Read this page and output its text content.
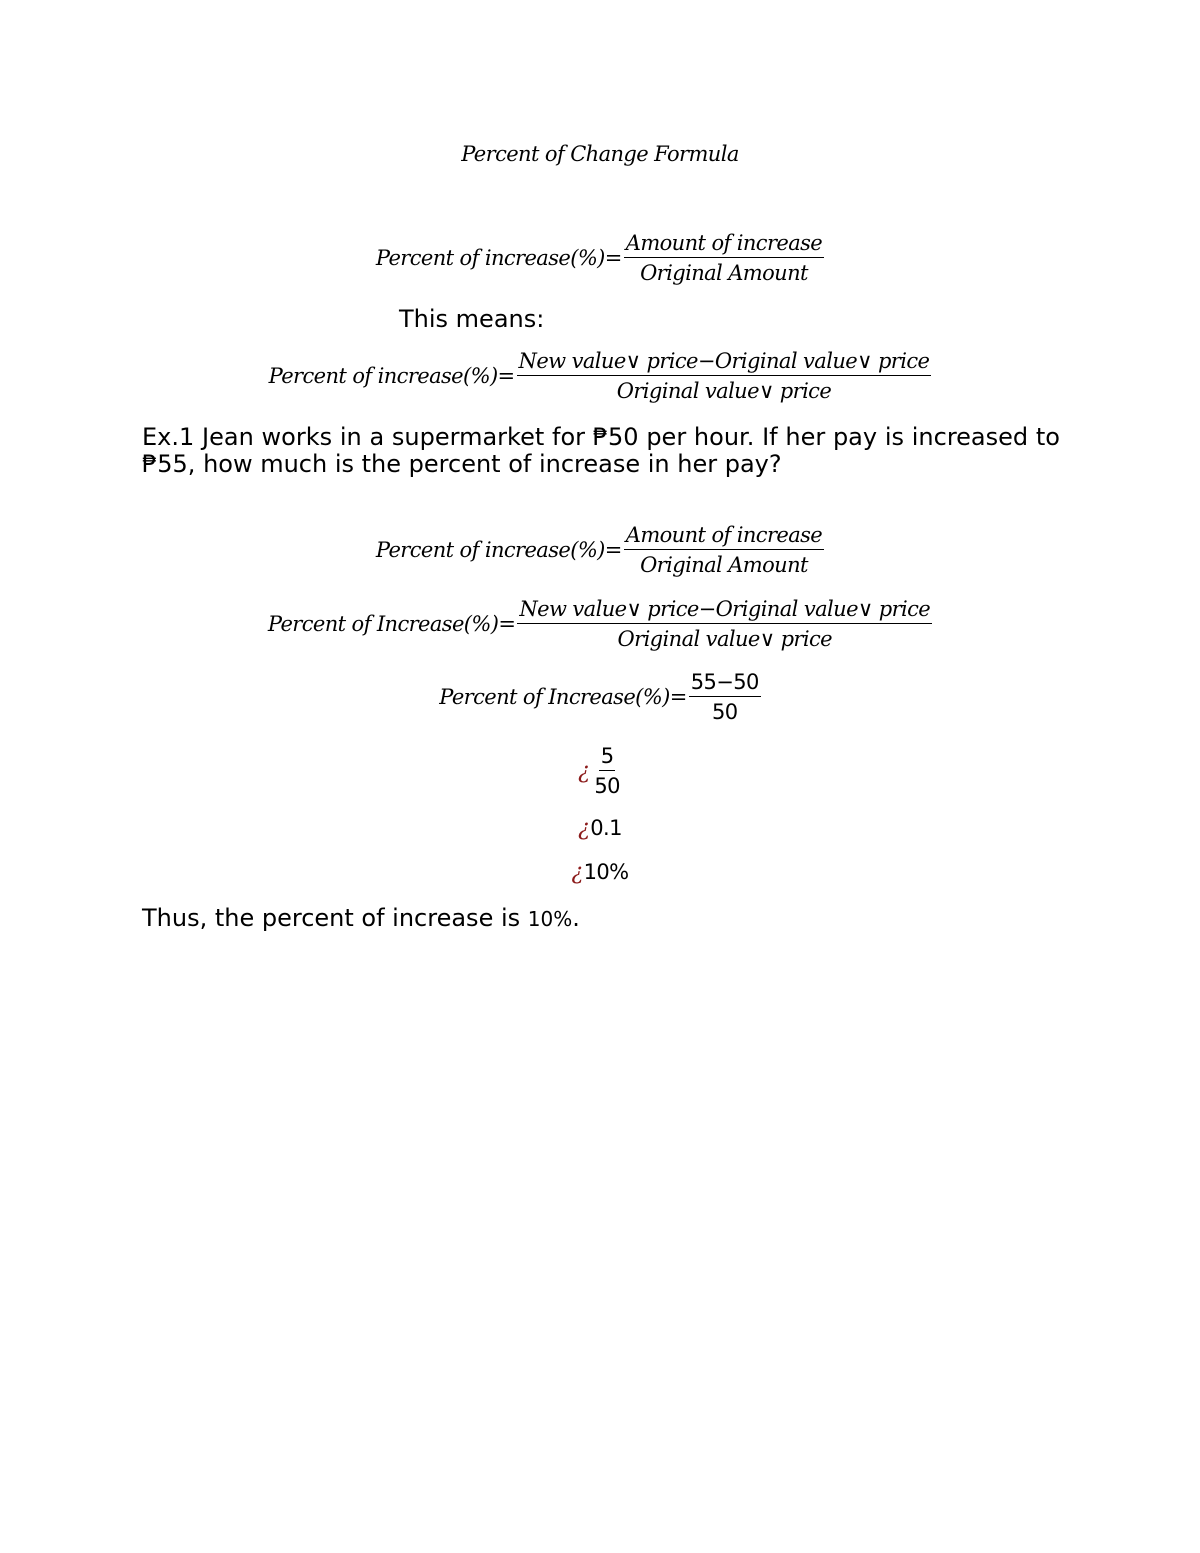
Percent of Change Formula
Percent of increase(%)= $\frac{\text{Amount of increase}}{\text{Original Amount}}$
This means:
Percent of increase(%)= $\frac{\text{New value∨ price−Original value∨ price}}{\text{Original value∨ price}}$
Ex.1 Jean works in a supermarket for ₱50 per hour. If her pay is increased to ₱55, how much is the percent of increase in her pay?
Percent of increase(%)= $\frac{\text{Amount of increase}}{\text{Original Amount}}$
Percent of Increase(%)= $\frac{\text{New value∨ price−Original value∨ price}}{\text{Original value∨ price}}$
Percent of Increase(%)= $\frac{55-50}{50}$
¿ $\frac{5}{50}$
¿0.1
¿10%
Thus, the percent of increase is 10%.
